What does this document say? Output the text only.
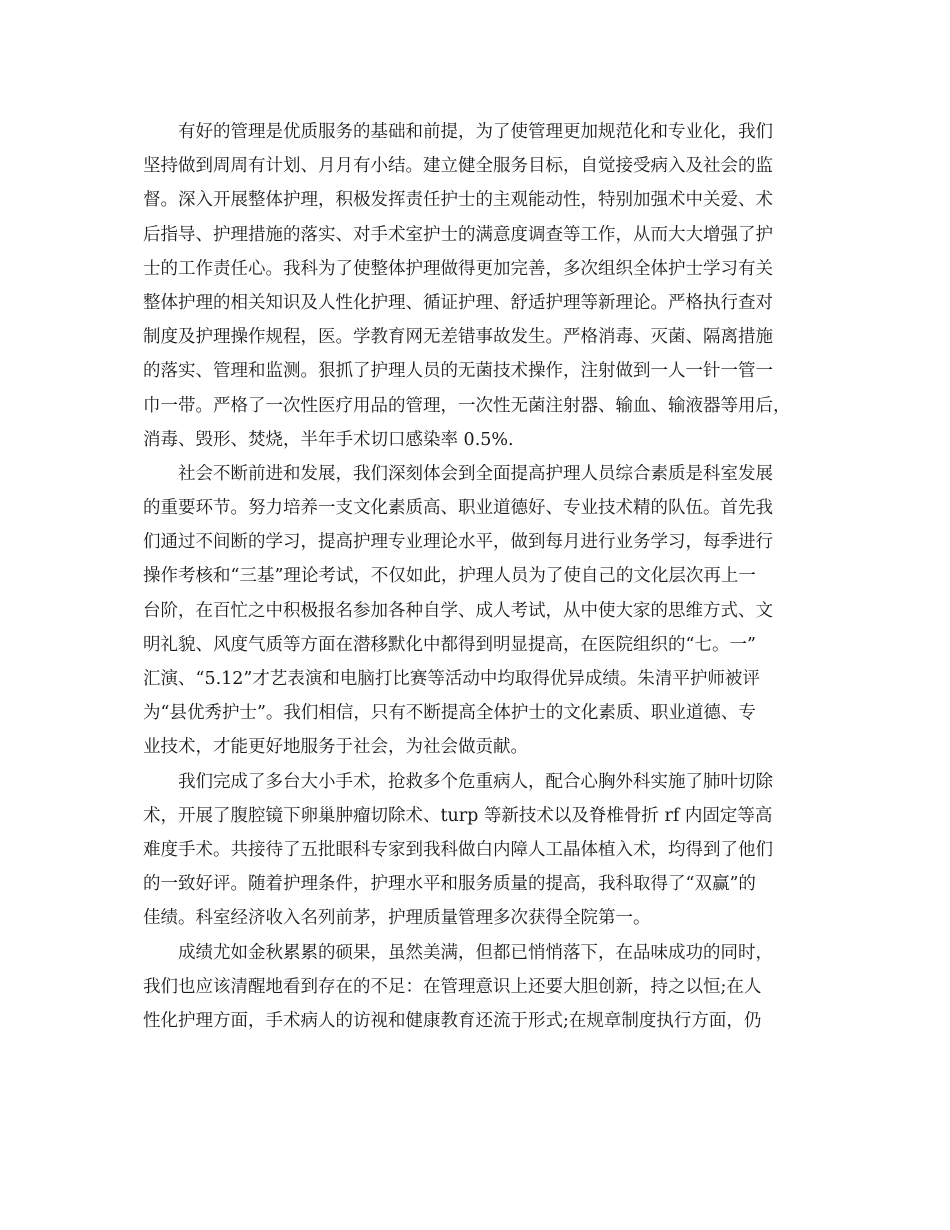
有好的管理是优质服务的基础和前提，为了使管理更加规范化和专业化，我们
坚持做到周周有计划、月月有小结。建立健全服务目标，自觉接受病入及社会的监
督。深入开展整体护理，积极发挥责任护士的主观能动性，特别加强术中关爱、术
后指导、护理措施的落实、对手术室护士的满意度调查等工作，从而大大增强了护
士的工作责任心。我科为了使整体护理做得更加完善，多次组织全体护士学习有关
整体护理的相关知识及人性化护理、循证护理、舒适护理等新理论。严格执行查对
制度及护理操作规程，医。学教育网无差错事故发生。严格消毒、灭菌、隔离措施
的落实、管理和监测。狠抓了护理人员的无菌技术操作，注射做到一人一针一管一
巾一带。严格了一次性医疗用品的管理，一次性无菌注射器、输血、输液器等用后，
消毒、毁形、焚烧，半年手术切口感染率 0.5%.
社会不断前进和发展，我们深刻体会到全面提高护理人员综合素质是科室发展
的重要环节。努力培养一支文化素质高、职业道德好、专业技术精的队伍。首先我
们通过不间断的学习，提高护理专业理论水平，做到每月进行业务学习，每季进行
操作考核和“三基”理论考试，不仅如此，护理人员为了使自己的文化层次再上一
台阶，在百忙之中积极报名参加各种自学、成人考试，从中使大家的思维方式、文
明礼貌、风度气质等方面在潜移默化中都得到明显提高，在医院组织的“七。一”
汇演、“5.12”才艺表演和电脑打比赛等活动中均取得优异成绩。朱清平护师被评
为“县优秀护士”。我们相信，只有不断提高全体护士的文化素质、职业道德、专
业技术，才能更好地服务于社会，为社会做贡献。
我们完成了多台大小手术，抢救多个危重病人，配合心胸外科实施了肺叶切除
术，开展了腹腔镜下卵巢肿瘤切除术、turp 等新技术以及脊椎骨折 rf 内固定等高
难度手术。共接待了五批眼科专家到我科做白内障人工晶体植入术，均得到了他们
的一致好评。随着护理条件，护理水平和服务质量的提高，我科取得了“双赢”的
佳绩。科室经济收入名列前茅，护理质量管理多次获得全院第一。
成绩尤如金秋累累的硕果，虽然美满，但都已悄悄落下，在品味成功的同时，
我们也应该清醒地看到存在的不足：在管理意识上还要大胆创新，持之以恒;在人
性化护理方面，手术病人的访视和健康教育还流于形式;在规章制度执行方面，仍
